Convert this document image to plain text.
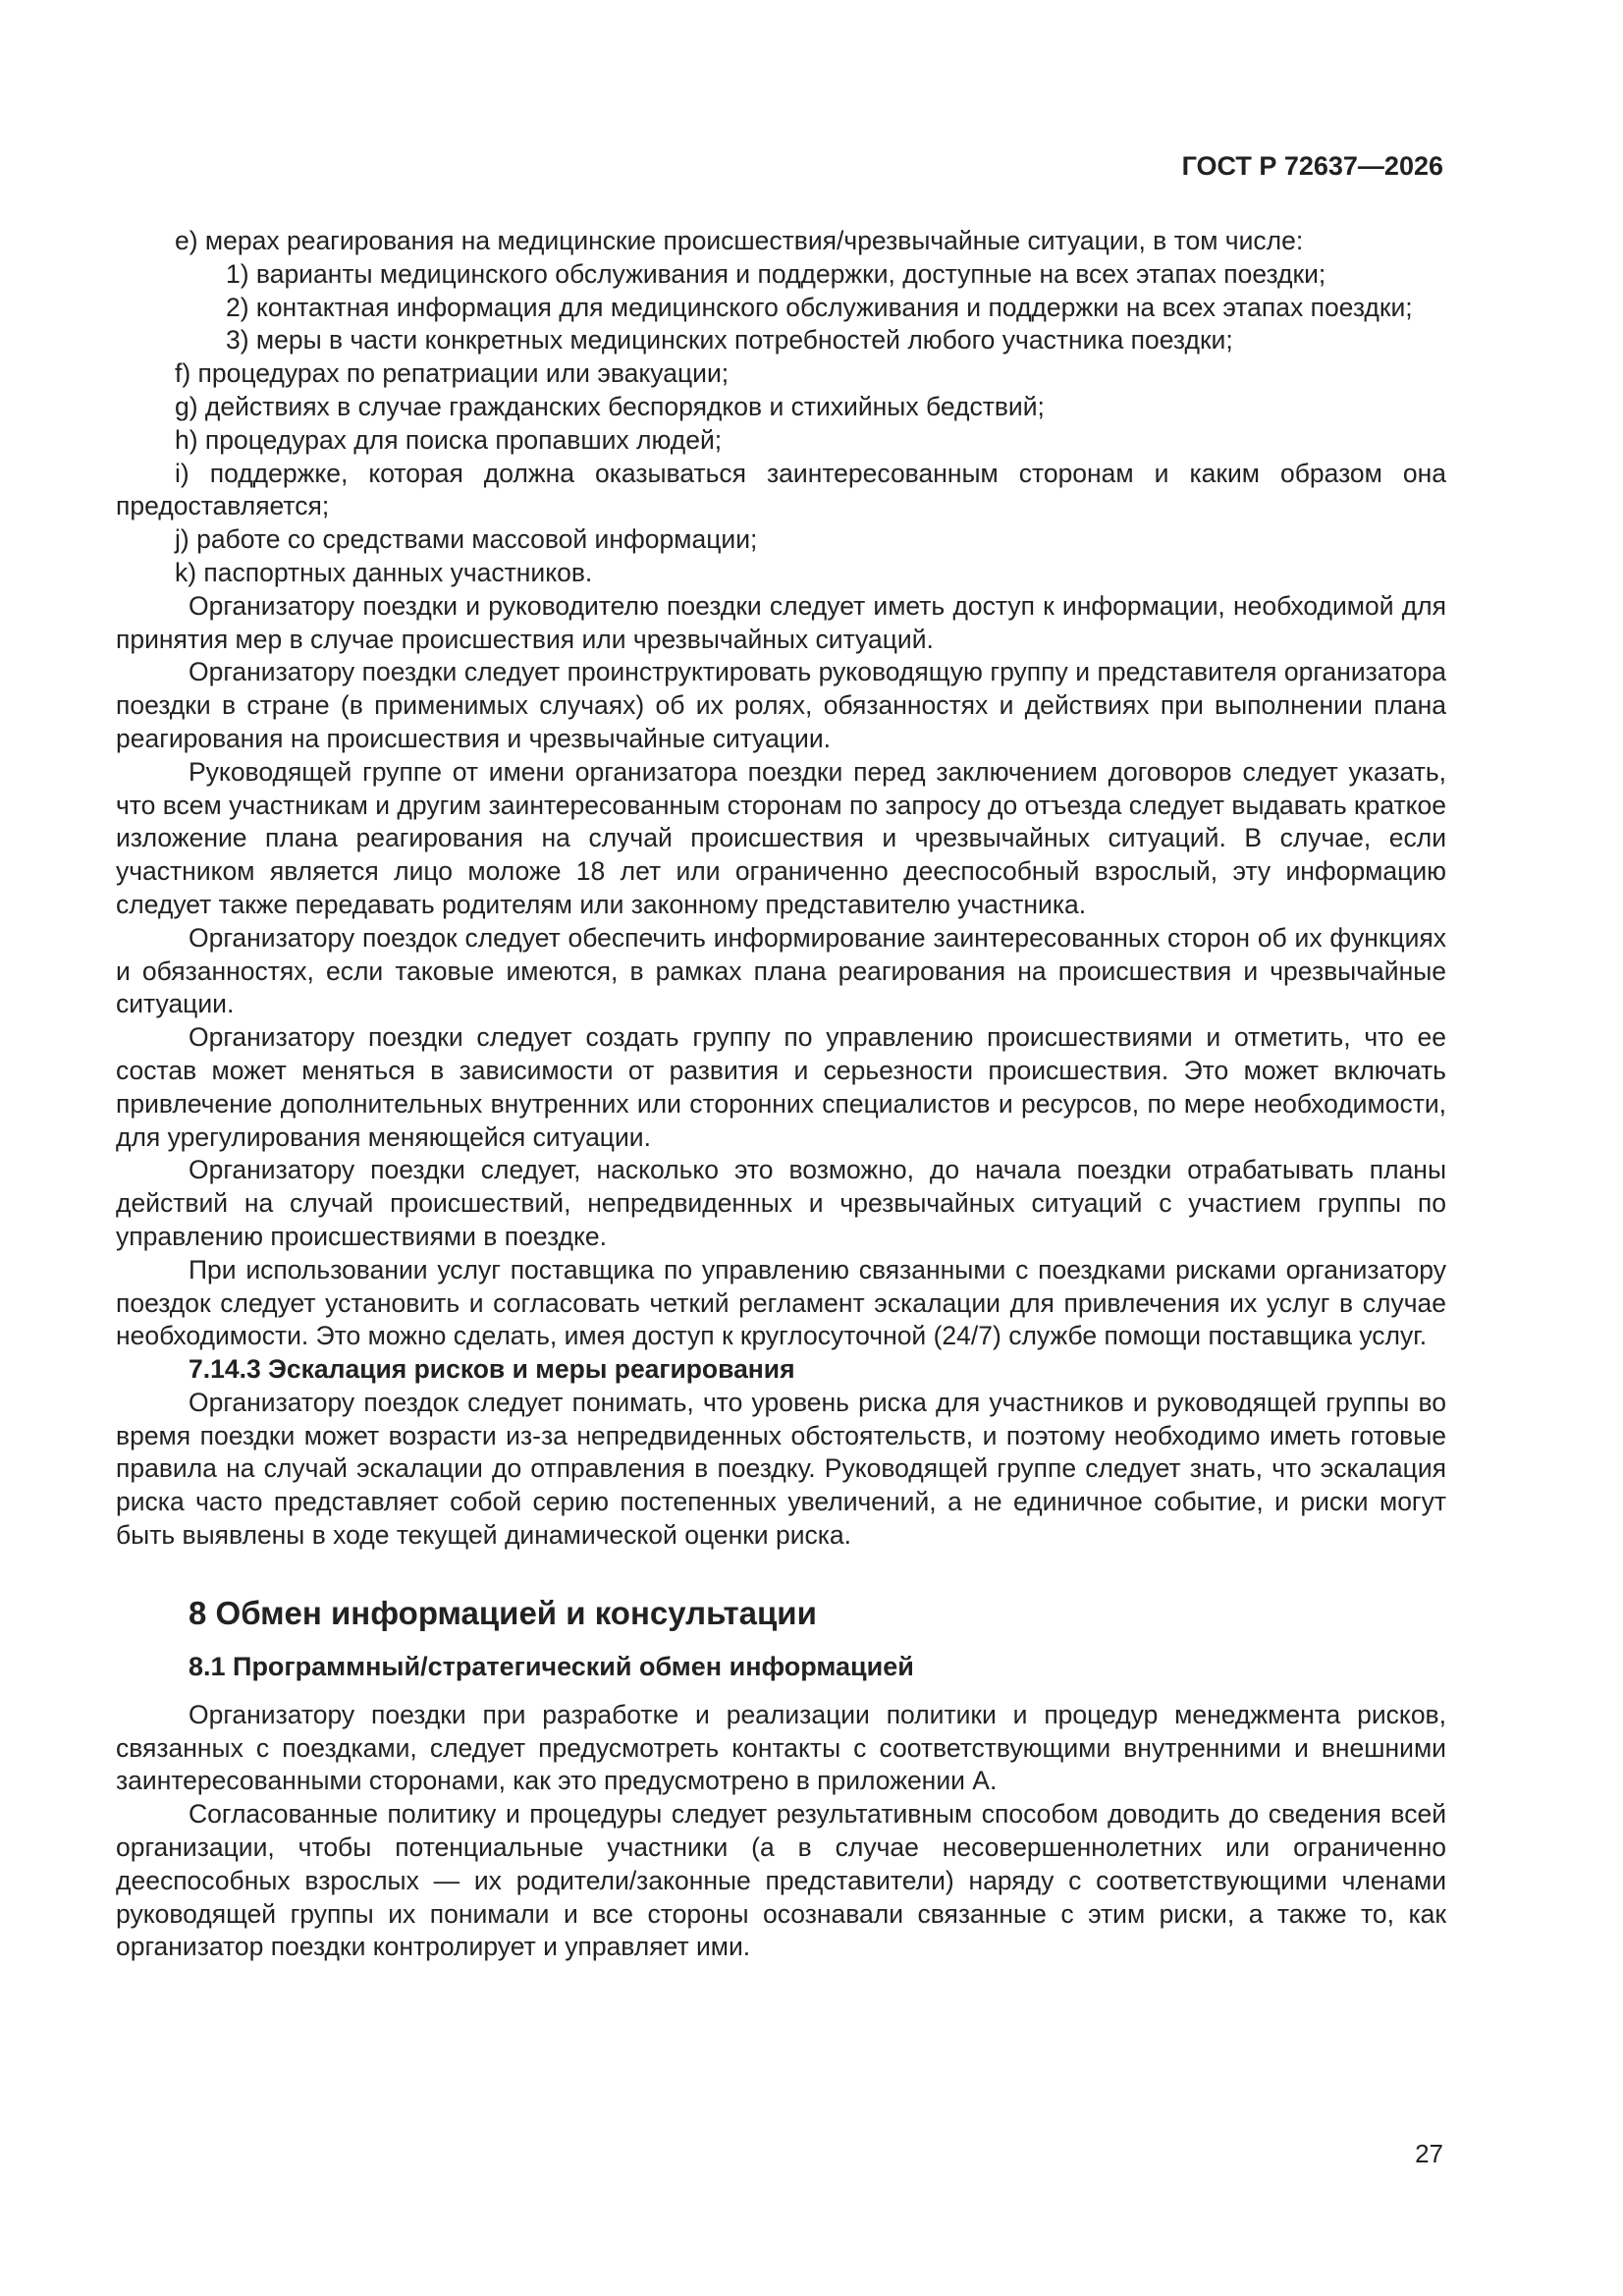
ГОСТ Р 72637—2026

e) мерах реагирования на медицинские происшествия/чрезвычайные ситуации, в том числе:

1) варианты медицинского обслуживания и поддержки, доступные на всех этапах поездки;

2) контактная информация для медицинского обслуживания и поддержки на всех этапах поездки;

3) меры в части конкретных медицинских потребностей любого участника поездки;

f) процедурах по репатриации или эвакуации;

g) действиях в случае гражданских беспорядков и стихийных бедствий;

h) процедурах для поиска пропавших людей;

i) поддержке, которая должна оказываться заинтересованным сторонам и каким образом она предоставляется;

j) работе со средствами массовой информации;

k) паспортных данных участников.

Организатору поездки и руководителю поездки следует иметь доступ к информации, необходимой для принятия мер в случае происшествия или чрезвычайных ситуаций.

Организатору поездки следует проинструктировать руководящую группу и представителя организатора поездки в стране (в применимых случаях) об их ролях, обязанностях и действиях при выполнении плана реагирования на происшествия и чрезвычайные ситуации.

Руководящей группе от имени организатора поездки перед заключением договоров следует указать, что всем участникам и другим заинтересованным сторонам по запросу до отъезда следует выдавать краткое изложение плана реагирования на случай происшествия и чрезвычайных ситуаций. В случае, если участником является лицо моложе 18 лет или ограниченно дееспособный взрослый, эту информацию следует также передавать родителям или законному представителю участника.

Организатору поездок следует обеспечить информирование заинтересованных сторон об их функциях и обязанностях, если таковые имеются, в рамках плана реагирования на происшествия и чрезвычайные ситуации.

Организатору поездки следует создать группу по управлению происшествиями и отметить, что ее состав может меняться в зависимости от развития и серьезности происшествия. Это может включать привлечение дополнительных внутренних или сторонних специалистов и ресурсов, по мере необходимости, для урегулирования меняющейся ситуации.

Организатору поездки следует, насколько это возможно, до начала поездки отрабатывать планы действий на случай происшествий, непредвиденных и чрезвычайных ситуаций с участием группы по управлению происшествиями в поездке.

При использовании услуг поставщика по управлению связанными с поездками рисками организатору поездок следует установить и согласовать четкий регламент эскалации для привлечения их услуг в случае необходимости. Это можно сделать, имея доступ к круглосуточной (24/7) службе помощи поставщика услуг.

7.14.3 Эскалация рисков и меры реагирования

Организатору поездок следует понимать, что уровень риска для участников и руководящей группы во время поездки может возрасти из-за непредвиденных обстоятельств, и поэтому необходимо иметь готовые правила на случай эскалации до отправления в поездку. Руководящей группе следует знать, что эскалация риска часто представляет собой серию постепенных увеличений, а не единичное событие, и риски могут быть выявлены в ходе текущей динамической оценки риска.

8 Обмен информацией и консультации
8.1 Программный/стратегический обмен информацией

Организатору поездки при разработке и реализации политики и процедур менеджмента рисков, связанных с поездками, следует предусмотреть контакты с соответствующими внутренними и внешними заинтересованными сторонами, как это предусмотрено в приложении А.

Согласованные политику и процедуры следует результативным способом доводить до сведения всей организации, чтобы потенциальные участники (а в случае несовершеннолетних или ограниченно дееспособных взрослых — их родители/законные представители) наряду с соответствующими членами руководящей группы их понимали и все стороны осознавали связанные с этим риски, а также то, как организатор поездки контролирует и управляет ими.

27
